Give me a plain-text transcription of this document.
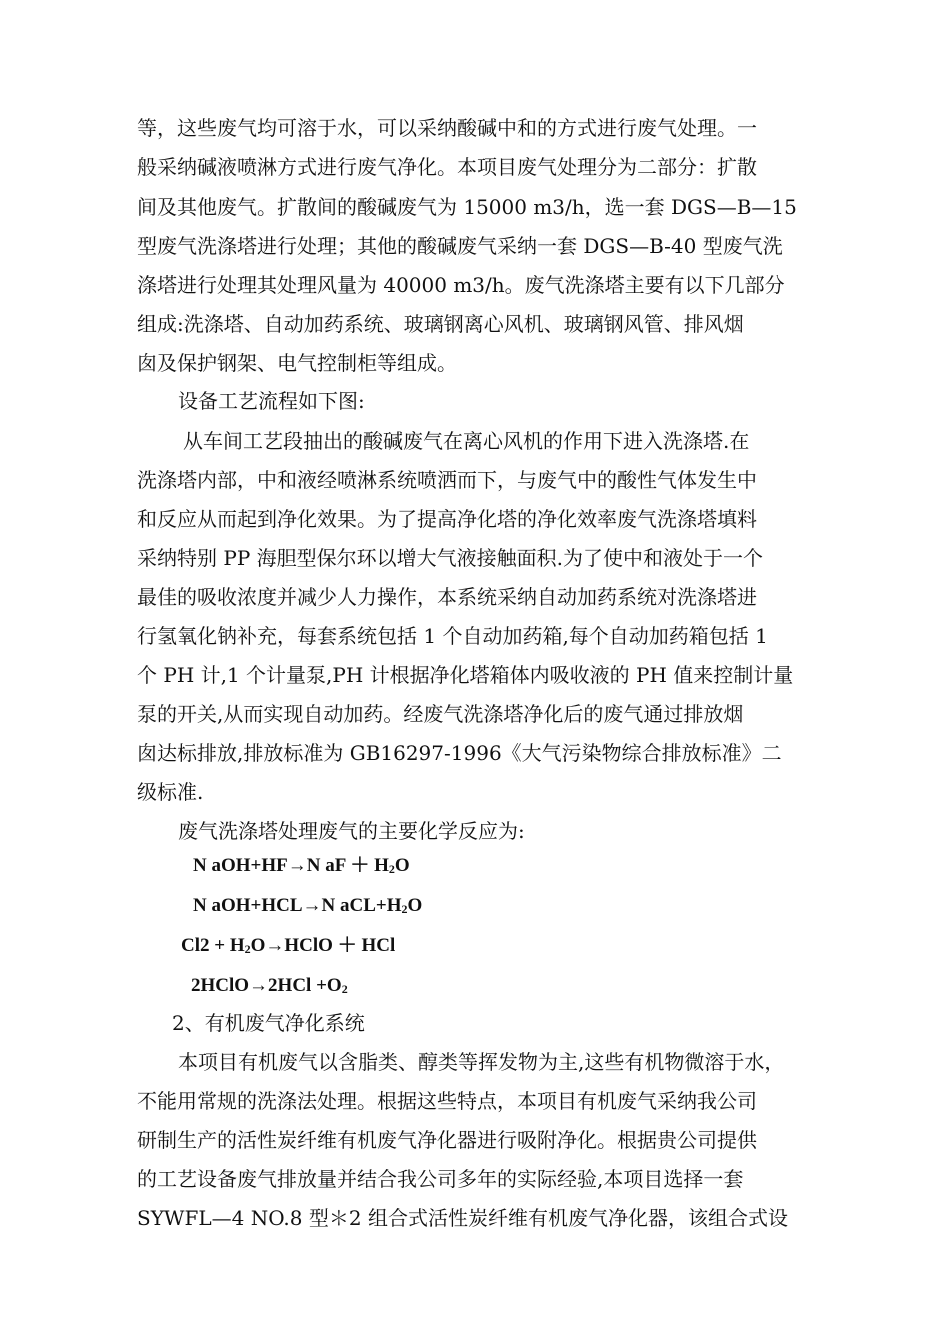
等，这些废气均可溶于水，可以采纳酸碱中和的方式进行废气处理。一
般采纳碱液喷淋方式进行废气净化。本项目废气处理分为二部分：扩散
间及其他废气。扩散间的酸碱废气为 15000 m3/h，选一套 DGS—B—15
型废气洗涤塔进行处理；其他的酸碱废气采纳一套 DGS—B-40 型废气洗
涤塔进行处理其处理风量为 40000 m3/h。废气洗涤塔主要有以下几部分
组成:洗涤塔、自动加药系统、玻璃钢离心风机、玻璃钢风管、排风烟
囱及保护钢架、电气控制柜等组成。
设备工艺流程如下图:
从车间工艺段抽出的酸碱废气在离心风机的作用下进入洗涤塔.在
洗涤塔内部，中和液经喷淋系统喷洒而下，与废气中的酸性气体发生中
和反应从而起到净化效果。为了提高净化塔的净化效率废气洗涤塔填料
采纳特别 PP 海胆型保尔环以增大气液接触面积.为了使中和液处于一个
最佳的吸收浓度并减少人力操作，本系统采纳自动加药系统对洗涤塔进
行氢氧化钠补充，每套系统包括 1 个自动加药箱,每个自动加药箱包括 1
个 PH 计,1 个计量泵,PH 计根据净化塔箱体内吸收液的 PH 值来控制计量
泵的开关,从而实现自动加药。经废气洗涤塔净化后的废气通过排放烟
囱达标排放,排放标准为 GB16297-1996《大气污染物综合排放标准》二
级标准.
废气洗涤塔处理废气的主要化学反应为:
N aOH+HF→N aF ＋ $H_2O$
N aOH+HCL→N $aCL+H_2O$
$Cl2 + H_2O\to HClO$ ＋ HCl
2HClO→2HCl $+O_2$
2、有机废气净化系统
本项目有机废气以含脂类、醇类等挥发物为主,这些有机物微溶于水，
不能用常规的洗涤法处理。根据这些特点，本项目有机废气采纳我公司
研制生产的活性炭纤维有机废气净化器进行吸附净化。根据贵公司提供
的工艺设备废气排放量并结合我公司多年的实际经验,本项目选择一套
SYWFL—4 NO.8 型＊2 组合式活性炭纤维有机废气净化器，该组合式设
